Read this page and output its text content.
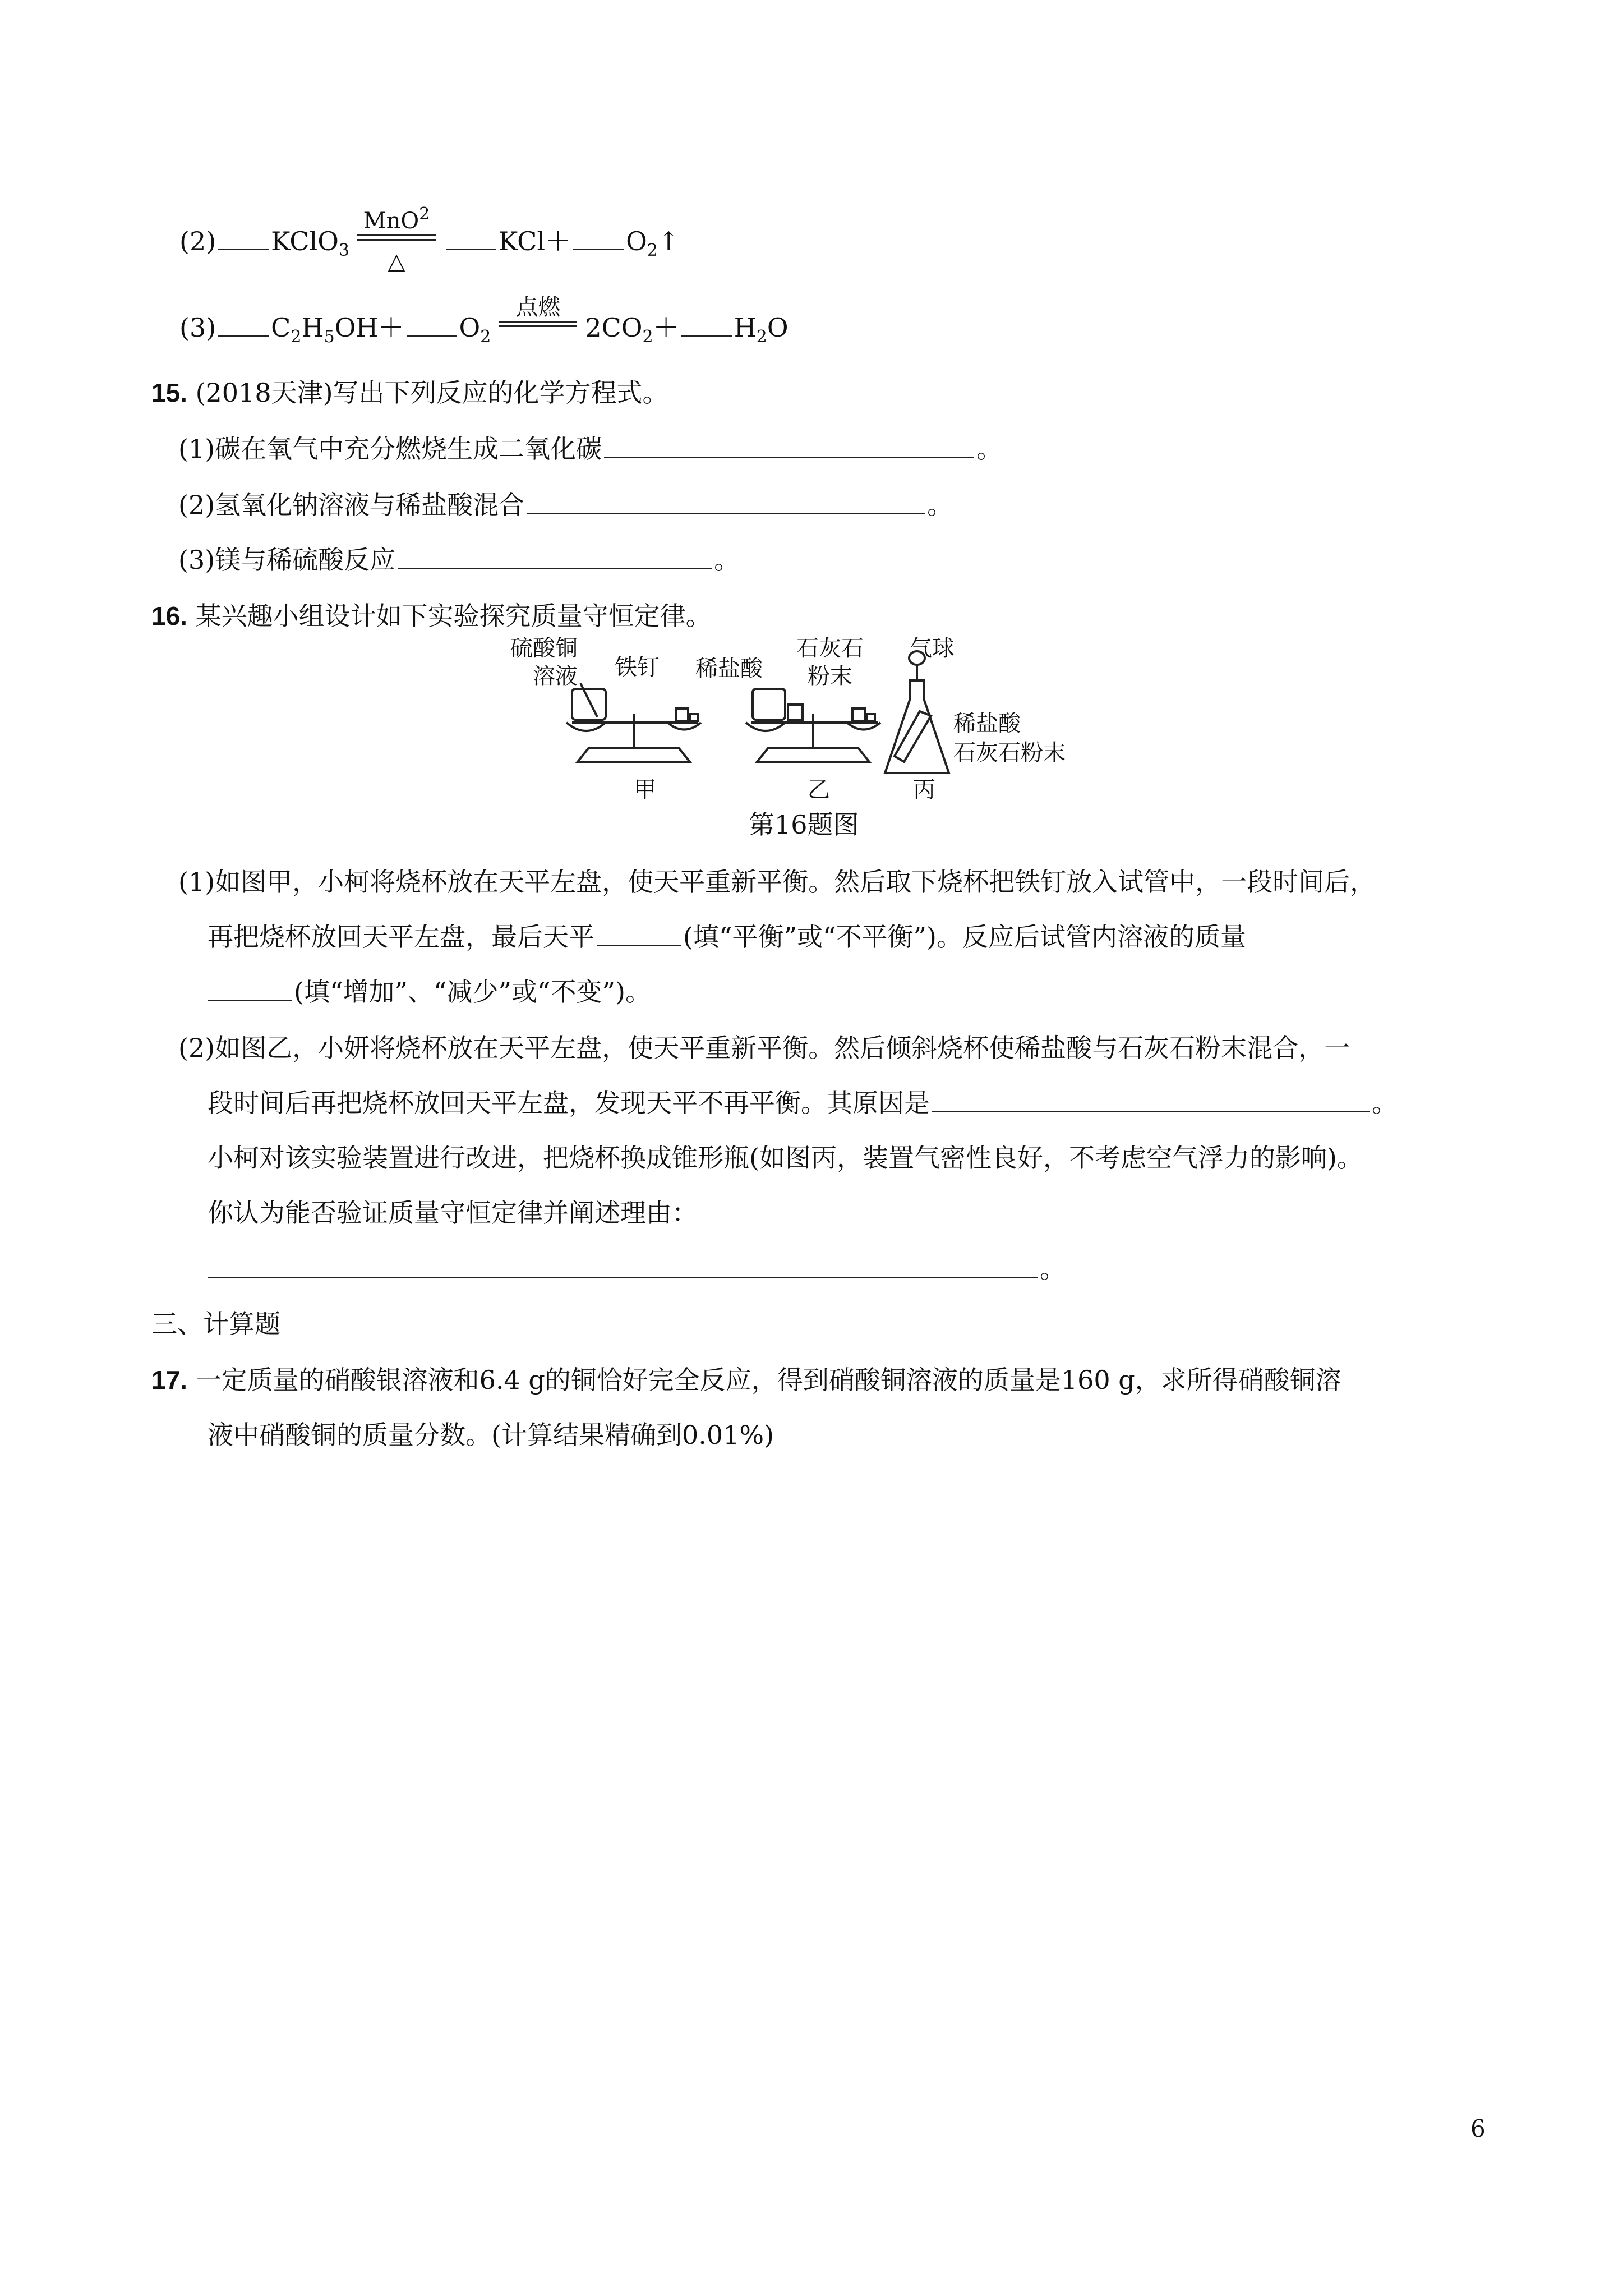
(2) KClO$_3$
MnO$^2$
△
$KCl+ O_2↑$
(3) $C_2H_5OH+ O_2$
点燃
$2CO_2+ H_2O$
15. (2018天津)写出下列反应的化学方程式。
(1)碳在氧气中充分燃烧生成二氧化碳	。
(2)氢氧化钠溶液与稀盐酸混合	。
(3)镁与稀硫酸反应	。
16. 某兴趣小组设计如下实验探究质量守恒定律。
硫酸铜
溶液 铁钉 稀盐酸
石灰石
粉末
气球
稀盐酸
石灰石粉末
甲	乙	丙
第16题图
(1)如图甲，小柯将烧杯放在天平左盘，使天平重新平衡。然后取下烧杯把铁钉放入试管中，一段时间后，
再把烧杯放回天平左盘，最后天平	(填“平衡”或“不平衡”)。反应后试管内溶液的质量
(填“增加”、“减少”或“不变”)。
(2)如图乙，小妍将烧杯放在天平左盘，使天平重新平衡。然后倾斜烧杯使稀盐酸与石灰石粉末混合，一
段时间后再把烧杯放回天平左盘，发现天平不再平衡。其原因是	。
小柯对该实验装置进行改进，把烧杯换成锥形瓶(如图丙，装置气密性良好，不考虑空气浮力的影响)。
你认为能否验证质量守恒定律并阐述理由：
。
三、计算题
17. 一定质量的硝酸银溶液和6.4 g的铜恰好完全反应，得到硝酸铜溶液的质量是160 g，求所得硝酸铜溶
液中硝酸铜的质量分数。(计算结果精确到0.01%)
6
